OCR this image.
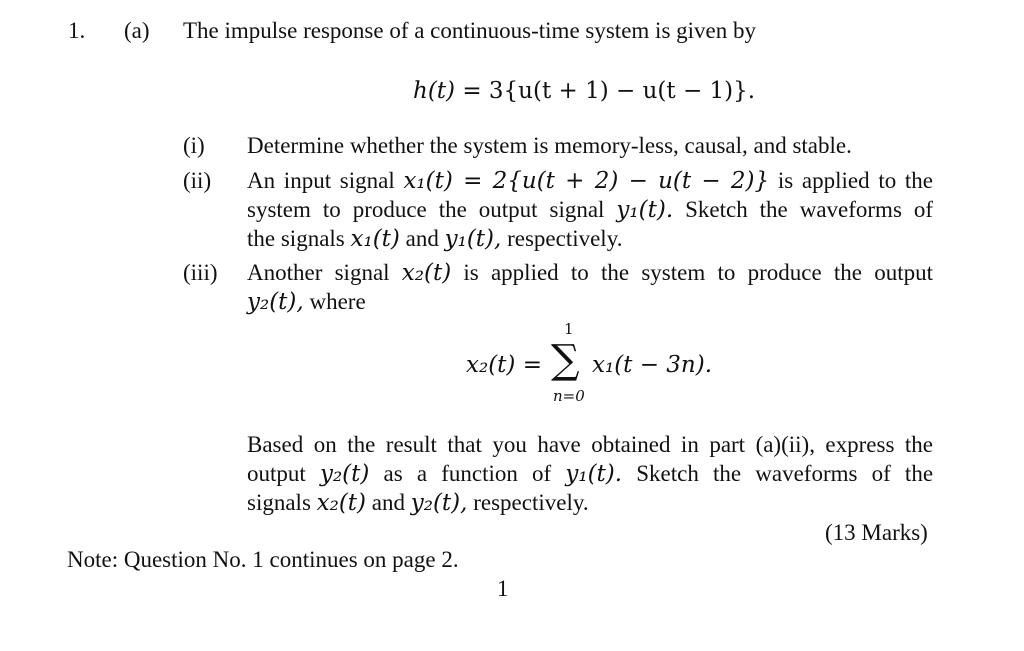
1. (a) The impulse response of a continuous-time system is given by
h(t) = 3{u(t + 1) − u(t − 1)}.
(i) Determine whether the system is memory-less, causal, and stable.
(ii) An input signal x₁(t) = 2{u(t + 2) − u(t − 2)} is applied to the
system to produce the output signal y₁(t). Sketch the waveforms of
the signals x₁(t) and y₁(t), respectively.
(iii) Another signal x₂(t) is applied to the system to produce the output
y₂(t), where
x₂(t) =
1
∑
n=0
x₁(t − 3n).
Based on the result that you have obtained in part (a)(ii), express the
output y₂(t) as a function of y₁(t). Sketch the waveforms of the
signals x₂(t) and y₂(t), respectively.
(13 Marks)
Note: Question No. 1 continues on page 2.
1
